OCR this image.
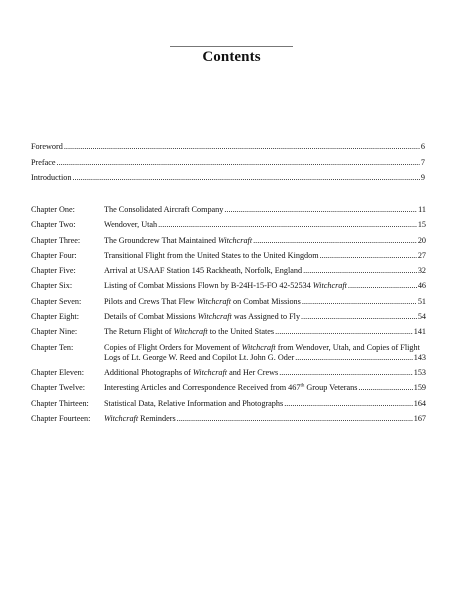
Contents
Foreword .....	6
Preface .....	7
Introduction .....	9
Chapter One:	The Consolidated Aircraft Company .....	11
Chapter Two:	Wendover, Utah .....	15
Chapter Three:	The Groundcrew That Maintained Witchcraft .....	20
Chapter Four:	Transitional Flight from the United States to the United Kingdom .....	27
Chapter Five:	Arrival at USAAF Station 145 Rackheath, Norfolk, England .....	32
Chapter Six:	Listing of Combat Missions Flown by B-24H-15-FO 42-52534 Witchcraft .....	46
Chapter Seven:	Pilots and Crews That Flew Witchcraft on Combat Missions .....	51
Chapter Eight:	Details of Combat Missions Witchcraft was Assigned to Fly .....	54
Chapter Nine:	The Return Flight of Witchcraft to the United States .....	141
Chapter Ten:	Copies of Flight Orders for Movement of Witchcraft from Wendover, Utah, and Copies of Flight
Logs of Lt. George W. Reed and Copilot Lt. John G. Oder .....	143
Chapter Eleven:	Additional Photographs of Witchcraft and Her Crews .....	153
Chapter Twelve:	Interesting Articles and Correspondence Received from 467th Group Veterans .....	159
Chapter Thirteen:	Statistical Data, Relative Information and Photographs .....	164
Chapter Fourteen:	Witchcraft Reminders .....	167
